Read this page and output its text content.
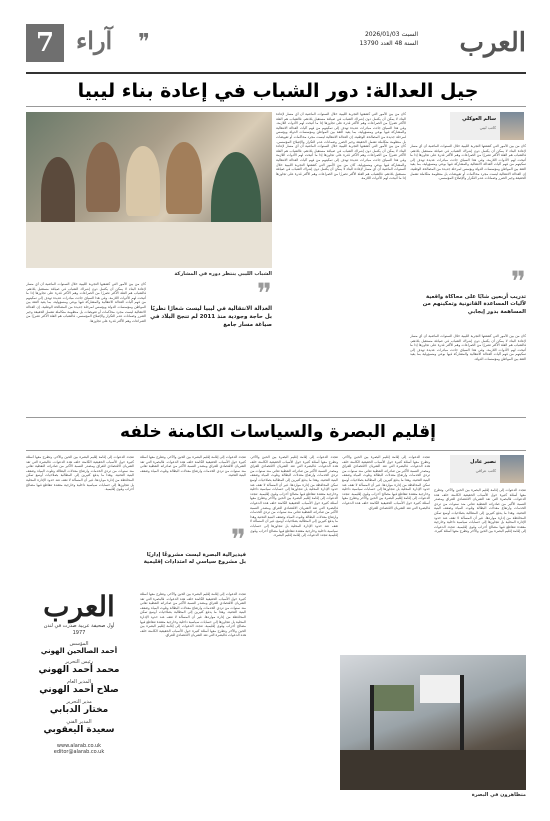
7 آراء ❞	العرب
السبت 2026/01/03
السنة 48 العدد 13790
جيل العدالة: دور الشباب في إعادة بناء ليبيا
سالم العوكلي
كاتب ليبي
الشباب الليبي ينتظر دوره في المشاركة
كان من بين الأمور التي كشفتها التجربة الليبية خلال السنوات الماضية أن أي مسار لإعادة البناء لا يمكن أن يكتمل دون إشراك الشباب في صياغة مستقبل بلادهم. فالشباب هم الفئة الأكثر تضررًا من الصراعات وهم الأكثر قدرة على تجاوزها إذا ما أتيحت لهم الأدوات اللازمة. وفي هذا السياق جاءت مبادرات عديدة تهدف إلى تمكينهم من فهم آليات العدالة الانتقالية والمشاركة فيها بوعي ومسؤولية، بما يعيد الثقة بين المواطن ومؤسسات الدولة ويؤسس لمرحلة جديدة من المصالحة الوطنية. إن العدالة الانتقالية ليست مجرد محاكمات أو تعويضات بل منظومة متكاملة تشمل الحقيقة وجبر الضرر وضمانات عدم التكرار والإصلاح المؤسسي. كان من بين الأمور التي كشفتها التجربة الليبية خلال السنوات الماضية أن أي مسار لإعادة البناء لا يمكن أن يكتمل دون إشراك الشباب في صياغة مستقبل بلادهم. فالشباب هم الفئة الأكثر تضررًا من الصراعات وهم الأكثر قدرة على تجاوزها إذا ما أتيحت لهم الأدوات اللازمة وفي هذا السياق جاءت مبادرات عديدة تهدف إلى تمكينهم من فهم آليات العدالة الانتقالية والمشاركة فيها بوعي ومسؤولية. كان من بين الأمور التي كشفتها التجربة الليبية خلال السنوات الماضية أن أي مسار لإعادة البناء لا يمكن أن يكتمل دون إشراك الشباب في صياغة مستقبل بلادهم. فالشباب هم الفئة الأكثر تضررًا من الصراعات وهم الأكثر قدرة على تجاوزها إذا ما أتيحت لهم الأدوات اللازمة.
كان من بين الأمور التي كشفتها التجربة الليبية خلال السنوات الماضية أن أي مسار لإعادة البناء لا يمكن أن يكتمل دون إشراك الشباب في صياغة مستقبل بلادهم. فالشباب هم الفئة الأكثر تضررًا من الصراعات وهم الأكثر قدرة على تجاوزها إذا ما أتيحت لهم الأدوات اللازمة. وفي هذا السياق جاءت مبادرات عديدة تهدف إلى تمكينهم من فهم آليات العدالة الانتقالية والمشاركة فيها بوعي ومسؤولية، بما يعيد الثقة بين المواطن ومؤسسات الدولة ويؤسس لمرحلة جديدة من المصالحة الوطنية. إن العدالة الانتقالية ليست مجرد محاكمات أو تعويضات بل منظومة متكاملة تشمل الحقيقة وجبر الضرر وضمانات عدم التكرار والإصلاح المؤسسي.
❞
تدريب أربعين شابًا على محاكاة واقعية لآليات المساعدة القانونية وتمكينهم من المساهمة بدور إيجابي
كان من بين الأمور التي كشفتها التجربة الليبية خلال السنوات الماضية أن أي مسار لإعادة البناء لا يمكن أن يكتمل دون إشراك الشباب في صياغة مستقبل بلادهم. فالشباب هم الفئة الأكثر تضررًا من الصراعات وهم الأكثر قدرة على تجاوزها إذا ما أتيحت لهم الأدوات اللازمة. وفي هذا السياق جاءت مبادرات عديدة تهدف إلى تمكينهم من فهم آليات العدالة الانتقالية والمشاركة فيها بوعي ومسؤولية بما يعيد الثقة بين المواطن ومؤسسات الدولة.
كان من بين الأمور التي كشفتها التجربة الليبية خلال السنوات الماضية أن أي مسار لإعادة البناء لا يمكن أن يكتمل دون إشراك الشباب في صياغة مستقبل بلادهم. فالشباب هم الفئة الأكثر تضررًا من الصراعات وهم الأكثر قدرة على تجاوزها إذا ما أتيحت لهم الأدوات اللازمة. وفي هذا السياق جاءت مبادرات عديدة تهدف إلى تمكينهم من فهم آليات العدالة الانتقالية والمشاركة فيها بوعي ومسؤولية، بما يعيد الثقة بين المواطن ومؤسسات الدولة ويؤسس لمرحلة جديدة من المصالحة الوطنية. إن العدالة الانتقالية ليست مجرد محاكمات أو تعويضات بل منظومة متكاملة تشمل الحقيقة وجبر الضرر وضمانات عدم التكرار والإصلاح المؤسسي. فالشباب هم الفئة الأكثر تضررًا من الصراعات وهم الأكثر قدرة على تجاوزها.
❞
العدالة الانتقالية في ليبيا ليست شعارًا نظريًا بل حاجة وجودية منذ 2011 لم تنجح البلاد في صياغة مسار جامع
إقليم البصرة والسياسات الكامنة خلفه
نصير عادل
كاتب عراقي
تتجدد الدعوات إلى إقامة إقليم البصرة بين الحين والآخر، وتطرح معها أسئلة كثيرة حول الأسباب الحقيقية الكامنة خلف هذه الدعوات. فالبصرة التي تعد الشريان الاقتصادي للعراق ومصدر النسبة الأكبر من صادراته النفطية تعاني منذ سنوات من تردي الخدمات وارتفاع معدلات البطالة وتلوث المياه وضعف البنية التحتية. وهذا ما يدفع كثيرين إلى المطالبة بصلاحيات أوسع تمكن المحافظة من إدارة مواردها. غير أن المسألة لا تقف عند حدود الإدارة المحلية بل تتجاوزها إلى حسابات سياسية داخلية وخارجية معقدة تتقاطع فيها مصالح أحزاب وقوى إقليمية. تتجدد الدعوات إلى إقامة إقليم البصرة بين الحين والآخر وتطرح معها أسئلة كثيرة.
تتجدد الدعوات إلى إقامة إقليم البصرة بين الحين والآخر، وتطرح معها أسئلة كثيرة حول الأسباب الحقيقية الكامنة خلف هذه الدعوات. فالبصرة التي تعد الشريان الاقتصادي للعراق ومصدر النسبة الأكبر من صادراته النفطية تعاني منذ سنوات من تردي الخدمات وارتفاع معدلات البطالة وتلوث المياه وضعف البنية التحتية. وهذا ما يدفع كثيرين إلى المطالبة بصلاحيات أوسع تمكن المحافظة من إدارة مواردها. غير أن المسألة لا تقف عند حدود الإدارة المحلية بل تتجاوزها إلى حسابات سياسية داخلية وخارجية معقدة تتقاطع فيها مصالح أحزاب وقوى إقليمية. تتجدد الدعوات إلى إقامة إقليم البصرة بين الحين والآخر وتطرح معها أسئلة كثيرة حول الأسباب الحقيقية الكامنة خلف هذه الدعوات فالبصرة التي تعد الشريان الاقتصادي للعراق.
تتجدد الدعوات إلى إقامة إقليم البصرة بين الحين والآخر، وتطرح معها أسئلة كثيرة حول الأسباب الحقيقية الكامنة خلف هذه الدعوات. فالبصرة التي تعد الشريان الاقتصادي للعراق ومصدر النسبة الأكبر من صادراته النفطية تعاني منذ سنوات من تردي الخدمات وارتفاع معدلات البطالة وتلوث المياه وضعف البنية التحتية. وهذا ما يدفع كثيرين إلى المطالبة بصلاحيات أوسع تمكن المحافظة من إدارة مواردها. غير أن المسألة لا تقف عند حدود الإدارة المحلية بل تتجاوزها إلى حسابات سياسية داخلية وخارجية معقدة تتقاطع فيها مصالح أحزاب وقوى إقليمية. تتجدد الدعوات إلى إقامة إقليم البصرة بين الحين والآخر وتطرح معها أسئلة كثيرة حول الأسباب الحقيقية الكامنة خلف هذه الدعوات فالبصرة التي تعد الشريان الاقتصادي للعراق ومصدر النسبة الأكبر من صادراته النفطية تعاني منذ سنوات من تردي الخدمات وارتفاع معدلات البطالة وتلوث المياه وضعف البنية التحتية وهذا ما يدفع كثيرين إلى المطالبة بصلاحيات أوسع. غير أن المسألة لا تقف عند حدود الإدارة المحلية بل تتجاوزها إلى حسابات سياسية داخلية وخارجية معقدة تتقاطع فيها مصالح أحزاب وقوى إقليمية تتجدد الدعوات إلى إقامة إقليم البصرة.
تتجدد الدعوات إلى إقامة إقليم البصرة بين الحين والآخر، وتطرح معها أسئلة كثيرة حول الأسباب الحقيقية الكامنة خلف هذه الدعوات. فالبصرة التي تعد الشريان الاقتصادي للعراق ومصدر النسبة الأكبر من صادراته النفطية تعاني منذ سنوات من تردي الخدمات وارتفاع معدلات البطالة وتلوث المياه وضعف البنية التحتية.
❞
فيديرالية البصرة ليست مشروعًا إداريًا بل مشروع سياسي له امتدادات إقليمية
تتجدد الدعوات إلى إقامة إقليم البصرة بين الحين والآخر، وتطرح معها أسئلة كثيرة حول الأسباب الحقيقية الكامنة خلف هذه الدعوات. فالبصرة التي تعد الشريان الاقتصادي للعراق ومصدر النسبة الأكبر من صادراته النفطية تعاني منذ سنوات من تردي الخدمات وارتفاع معدلات البطالة وتلوث المياه وضعف البنية التحتية. وهذا ما يدفع كثيرين إلى المطالبة بصلاحيات أوسع تمكن المحافظة من إدارة مواردها. غير أن المسألة لا تقف عند حدود الإدارة المحلية بل تتجاوزها إلى حسابات سياسية داخلية وخارجية معقدة تتقاطع فيها مصالح أحزاب وقوى إقليمية. تتجدد الدعوات إلى إقامة إقليم البصرة بين الحين والآخر وتطرح معها أسئلة كثيرة حول الأسباب الحقيقية الكامنة خلف هذه الدعوات فالبصرة التي تعد الشريان الاقتصادي للعراق.
تتجدد الدعوات إلى إقامة إقليم البصرة بين الحين والآخر، وتطرح معها أسئلة كثيرة حول الأسباب الحقيقية الكامنة خلف هذه الدعوات. فالبصرة التي تعد الشريان الاقتصادي للعراق ومصدر النسبة الأكبر من صادراته النفطية تعاني منذ سنوات من تردي الخدمات وارتفاع معدلات البطالة وتلوث المياه وضعف البنية التحتية. وهذا ما يدفع كثيرين إلى المطالبة بصلاحيات أوسع تمكن المحافظة من إدارة مواردها. غير أن المسألة لا تقف عند حدود الإدارة المحلية بل تتجاوزها إلى حسابات سياسية داخلية وخارجية معقدة تتقاطع فيها مصالح أحزاب وقوى إقليمية.
متظاهرون في البصرة
العرب
أول صحيفة عربية صدرت في لندن
1977
المؤسس
أحمد الصالحين الهوني
رئيس التحرير
محمد أحمد الهوني
المدير العام
صلاح أحمد الهوني
مدير التحرير
مختار الدبابي
المدير الفني
سعيدة اليعقوبي
www.alarab.co.uk
editor@alarab.co.uk
